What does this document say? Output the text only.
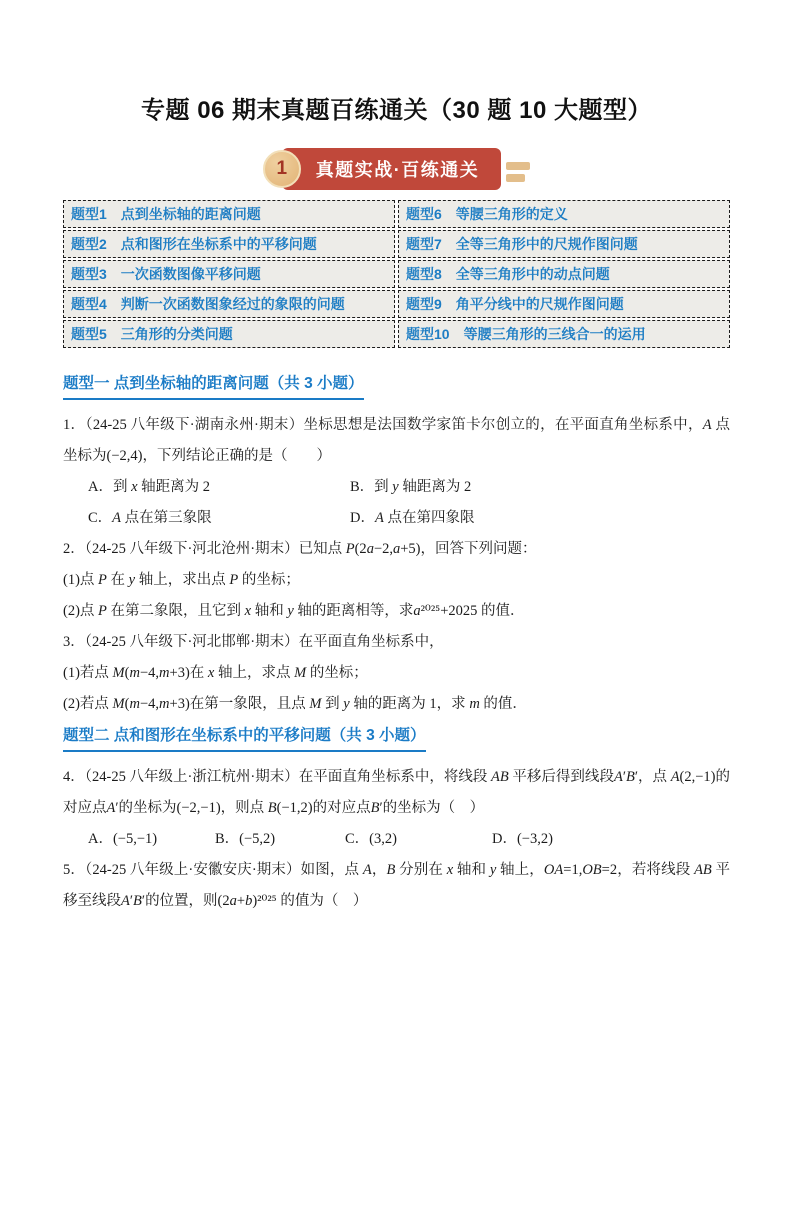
专题 06 期末真题百练通关（30 题 10 大题型）
1 真题实战·百练通关
题型1　点到坐标轴的距离问题	题型6　等腰三角形的定义
题型2　点和图形在坐标系中的平移问题	题型7　全等三角形中的尺规作图问题
题型3　一次函数图像平移问题	题型8　全等三角形中的动点问题
题型4　判断一次函数图象经过的象限的问题	题型9　角平分线中的尺规作图问题
题型5　三角形的分类问题	题型10　等腰三角形的三线合一的运用
题型一 点到坐标轴的距离问题（共 3 小题）

1．（24-25 八年级下·湖南永州·期末）坐标思想是法国数学家笛卡尔创立的，在平面直角坐标系中，A 点坐标为(−2,4)，下列结论正确的是（　　）

A．到 x 轴距离为 2	B．到 y 轴距离为 2
C．A 点在第三象限	D．A 点在第四象限

2．（24-25 八年级下·河北沧州·期末）已知点 P(2a−2,a+5)，回答下列问题：

(1)点 P 在 y 轴上，求出点 P 的坐标；

(2)点 P 在第二象限，且它到 x 轴和 y 轴的距离相等，求a²⁰²⁵+2025 的值．

3．（24-25 八年级下·河北邯郸·期末）在平面直角坐标系中，

(1)若点 M(m−4,m+3)在 x 轴上，求点 M 的坐标；

(2)若点 M(m−4,m+3)在第一象限，且点 M 到 y 轴的距离为 1，求 m 的值．

题型二 点和图形在坐标系中的平移问题（共 3 小题）

4．（24-25 八年级上·浙江杭州·期末）在平面直角坐标系中，将线段 AB 平移后得到线段A′B′，点 A(2,−1)的对应点A′的坐标为(−2,−1)，则点 B(−1,2)的对应点B′的坐标为（　）

A．(−5,−1)	B．(−5,2)	C．(3,2)	D．(−3,2)

5．（24-25 八年级上·安徽安庆·期末）如图，点 A，B 分别在 x 轴和 y 轴上，OA=1,OB=2，若将线段 AB 平移至线段A′B′的位置，则(2a+b)²⁰²⁵ 的值为（　）
